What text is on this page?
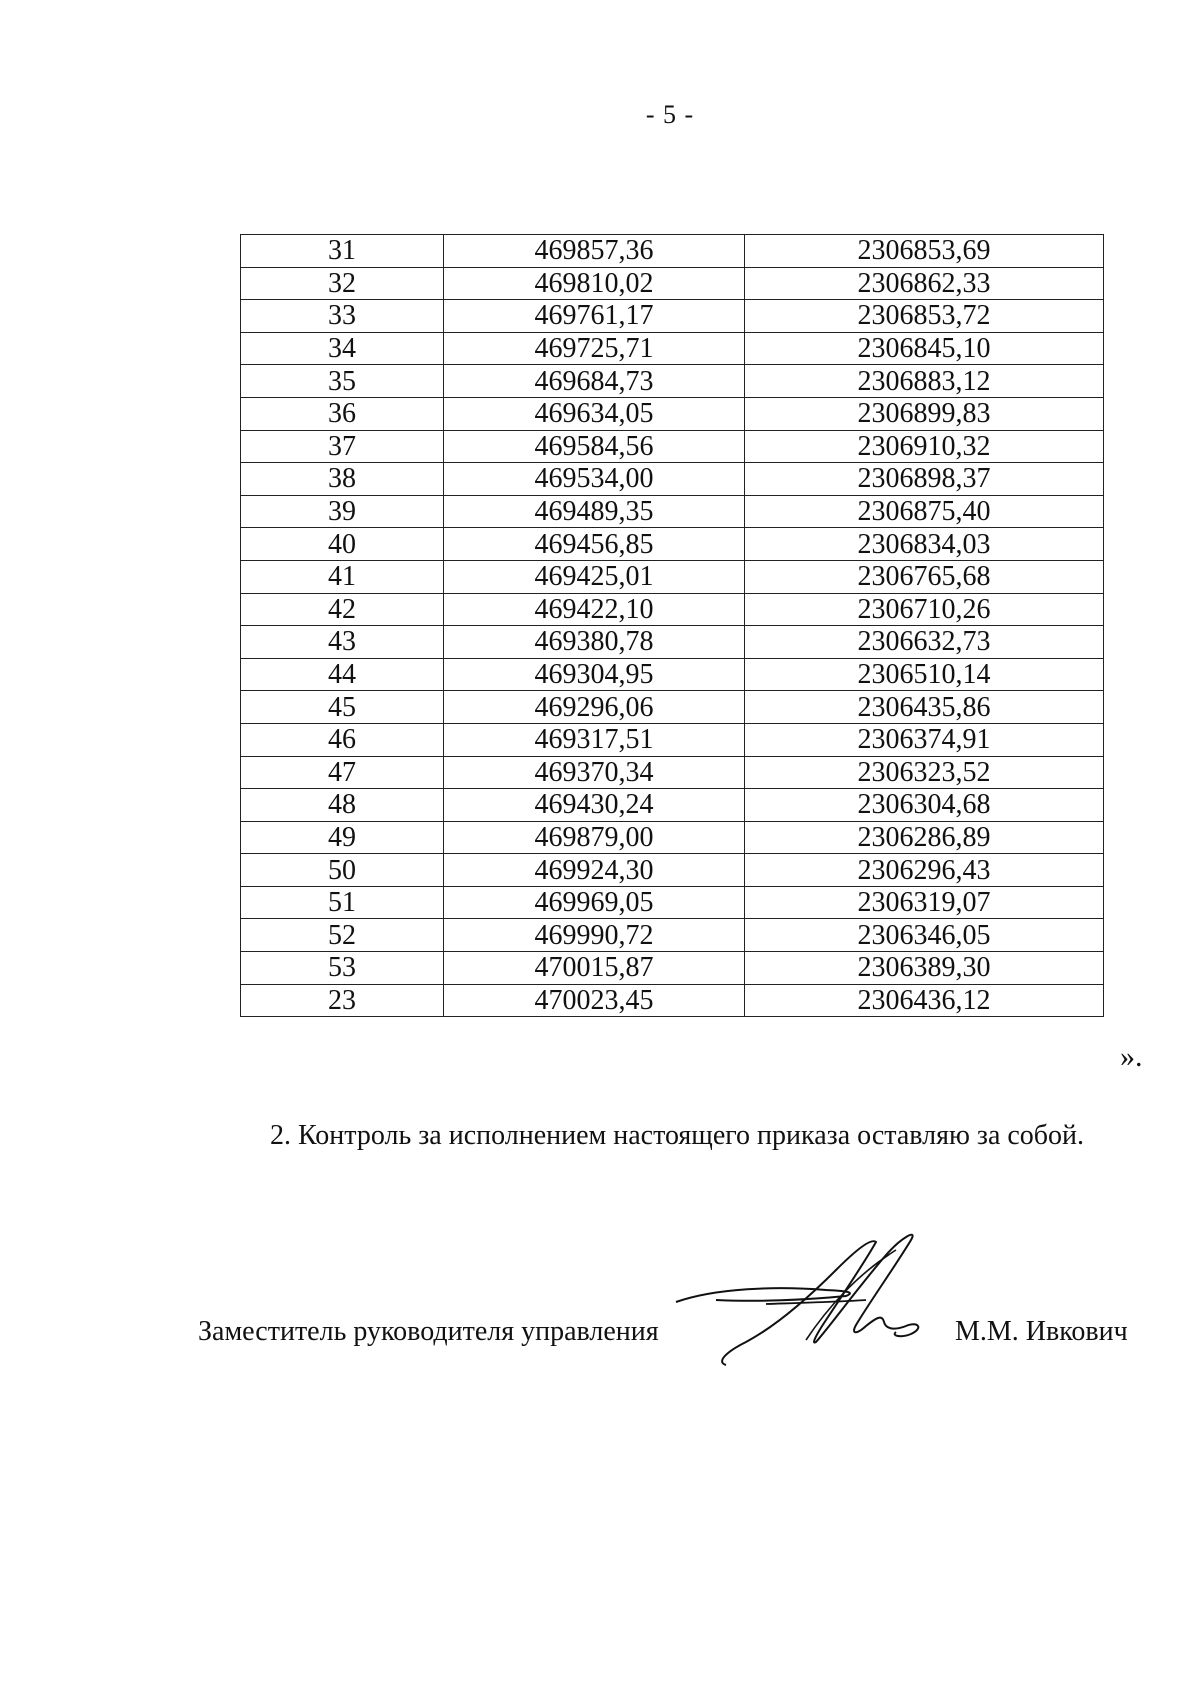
- 5 -
31	469857,36	2306853,69
32	469810,02	2306862,33
33	469761,17	2306853,72
34	469725,71	2306845,10
35	469684,73	2306883,12
36	469634,05	2306899,83
37	469584,56	2306910,32
38	469534,00	2306898,37
39	469489,35	2306875,40
40	469456,85	2306834,03
41	469425,01	2306765,68
42	469422,10	2306710,26
43	469380,78	2306632,73
44	469304,95	2306510,14
45	469296,06	2306435,86
46	469317,51	2306374,91
47	469370,34	2306323,52
48	469430,24	2306304,68
49	469879,00	2306286,89
50	469924,30	2306296,43
51	469969,05	2306319,07
52	469990,72	2306346,05
53	470015,87	2306389,30
23	470023,45	2306436,12
».
2. Контроль за исполнением настоящего приказа оставляю за собой.
Заместитель руководителя управления	М.М. Ивкович
